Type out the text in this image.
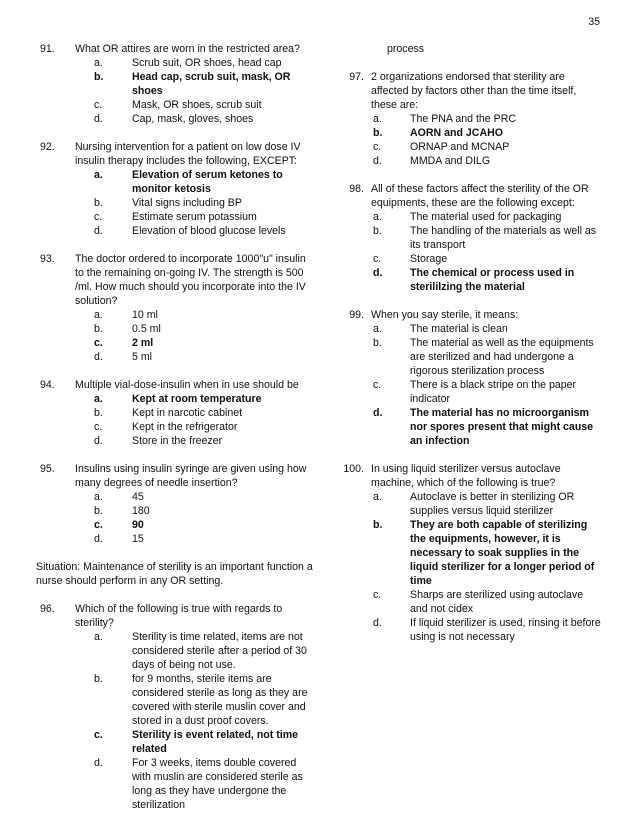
35
91.	What OR attires are worn in the restricted area?
a.	Scrub suit, OR shoes, head cap
b.	Head cap, scrub suit, mask, OR shoes
c.	Mask, OR shoes, scrub suit
d.	Cap, mask, gloves, shoes
92.	Nursing intervention for a patient on low dose IV insulin therapy includes the following, EXCEPT:
a.	Elevation of serum ketones to monitor ketosis
b.	Vital signs including BP
c.	Estimate serum potassium
d.	Elevation of blood glucose levels
93.	The doctor ordered to incorporate 1000"u" insulin to the remaining on-going IV. The strength is 500 /ml. How much should you incorporate into the IV solution?
a.	10 ml
b.	0.5 ml
c.	2 ml
d.	5 ml
94.	Multiple vial-dose-insulin when in use should be
a.	Kept at room temperature
b.	Kept in narcotic cabinet
c.	Kept in the refrigerator
d.	Store in the freezer
95.	Insulins using insulin syringe are given using how many degrees of needle insertion?
a.	45
b.	180
c.	90
d.	15
Situation: Maintenance of sterility is an important function a nurse should perform in any OR setting.
96.	Which of the following is true with regards to sterility?
a.	Sterility is time related, items are not considered sterile after a period of 30 days of being not use.
b.	for 9 months, sterile items are considered sterile as long as they are covered with sterile muslin cover and stored in a dust proof covers.
c.	Sterility is event related, not time related
d.	For 3 weeks, items double covered with muslin are considered sterile as long as they have undergone the sterilization
process
97. 2 organizations endorsed that sterility are affected by factors other than the time itself, these are:
a.	The PNA and the PRC
b.	AORN and JCAHO
c.	ORNAP and MCNAP
d.	MMDA and DILG
98. All of these factors affect the sterility of the OR equipments, these are the following except:
a.	The material used for packaging
b.	The handling of the materials as well as its transport
c.	Storage
d.	The chemical or process used in sterililzing the material
99. When you say sterile, it means:
a.	The material is clean
b.	The material as well as the equipments are sterilized and had undergone a rigorous sterilization process
c.	There is a black stripe on the paper indicator
d.	The material has no microorganism nor spores present that might cause an infection
100. In using liquid sterilizer versus autoclave machine, which of the following is true?
a.	Autoclave is better in sterilizing OR supplies versus liquid sterilizer
b.	They are both capable of sterilizing the equipments, however, it is necessary to soak supplies in the liquid sterilizer for a longer period of time
c.	Sharps are sterilized using autoclave and not cidex
d.	If liquid sterilizer is used, rinsing it before using is not necessary
